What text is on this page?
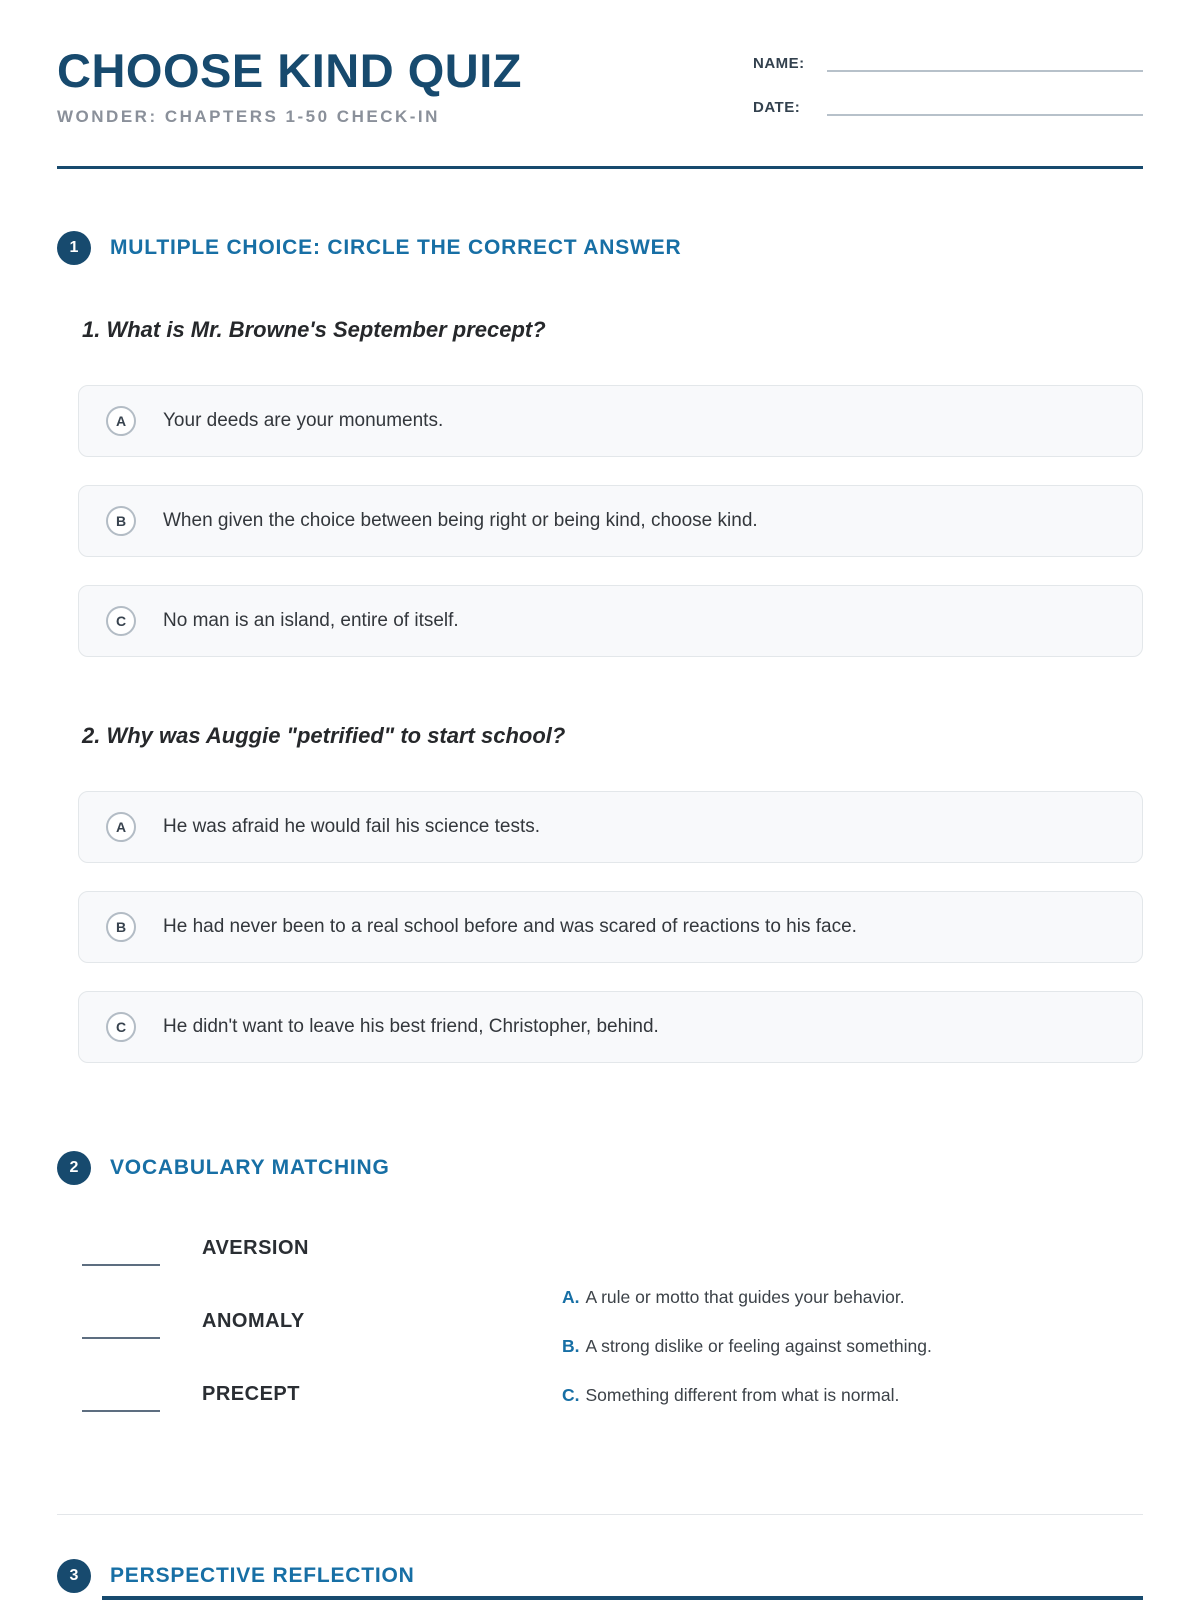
CHOOSE KIND QUIZ
WONDER: CHAPTERS 1-50 CHECK-IN
NAME:
DATE:
1	MULTIPLE CHOICE: CIRCLE THE CORRECT ANSWER
1. What is Mr. Browne's September precept?
A	Your deeds are your monuments.
B	When given the choice between being right or being kind, choose kind.
C	No man is an island, entire of itself.
2. Why was Auggie "petrified" to start school?
A	He was afraid he would fail his science tests.
B	He had never been to a real school before and was scared of reactions to his face.
C	He didn't want to leave his best friend, Christopher, behind.
2	VOCABULARY MATCHING
AVERSION
ANOMALY
PRECEPT
A. A rule or motto that guides your behavior.
B. A strong dislike or feeling against something.
C. Something different from what is normal.
3	PERSPECTIVE REFLECTION
